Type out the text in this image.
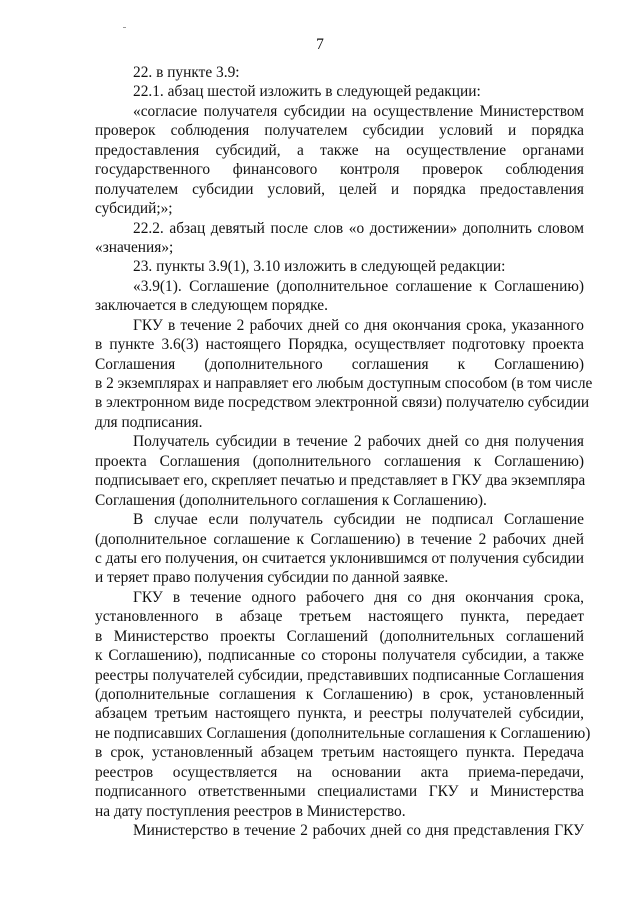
7
22. в пункте 3.9:
22.1. абзац шестой изложить в следующей редакции:
«согласие получателя субсидии на осуществление Министерством
проверок соблюдения получателем субсидии условий и порядка
предоставления субсидий, а также на осуществление органами
государственного финансового контроля проверок соблюдения
получателем субсидии условий, целей и порядка предоставления
субсидий;»;
22.2. абзац девятый после слов «о достижении» дополнить словом
«значения»;
23. пункты 3.9(1), 3.10 изложить в следующей редакции:
«3.9(1). Соглашение (дополнительное соглашение к Соглашению)
заключается в следующем порядке.
ГКУ в течение 2 рабочих дней со дня окончания срока, указанного
в пункте 3.6(3) настоящего Порядка, осуществляет подготовку проекта
Соглашения (дополнительного соглашения к Соглашению)
в 2 экземплярах и направляет его любым доступным способом (в том числе
в электронном виде посредством электронной связи) получателю субсидии
для подписания.
Получатель субсидии в течение 2 рабочих дней со дня получения
проекта Соглашения (дополнительного соглашения к Соглашению)
подписывает его, скрепляет печатью и представляет в ГКУ два экземпляра
Соглашения (дополнительного соглашения к Соглашению).
В случае если получатель субсидии не подписал Соглашение
(дополнительное соглашение к Соглашению) в течение 2 рабочих дней
с даты его получения, он считается уклонившимся от получения субсидии
и теряет право получения субсидии по данной заявке.
ГКУ в течение одного рабочего дня со дня окончания срока,
установленного в абзаце третьем настоящего пункта, передает
в Министерство проекты Соглашений (дополнительных соглашений
к Соглашению), подписанные со стороны получателя субсидии, а также
реестры получателей субсидии, представивших подписанные Соглашения
(дополнительные соглашения к Соглашению) в срок, установленный
абзацем третьим настоящего пункта, и реестры получателей субсидии,
не подписавших Соглашения (дополнительные соглашения к Соглашению)
в срок, установленный абзацем третьим настоящего пункта. Передача
реестров осуществляется на основании акта приема-передачи,
подписанного ответственными специалистами ГКУ и Министерства
на дату поступления реестров в Министерство.
Министерство в течение 2 рабочих дней со дня представления ГКУ
